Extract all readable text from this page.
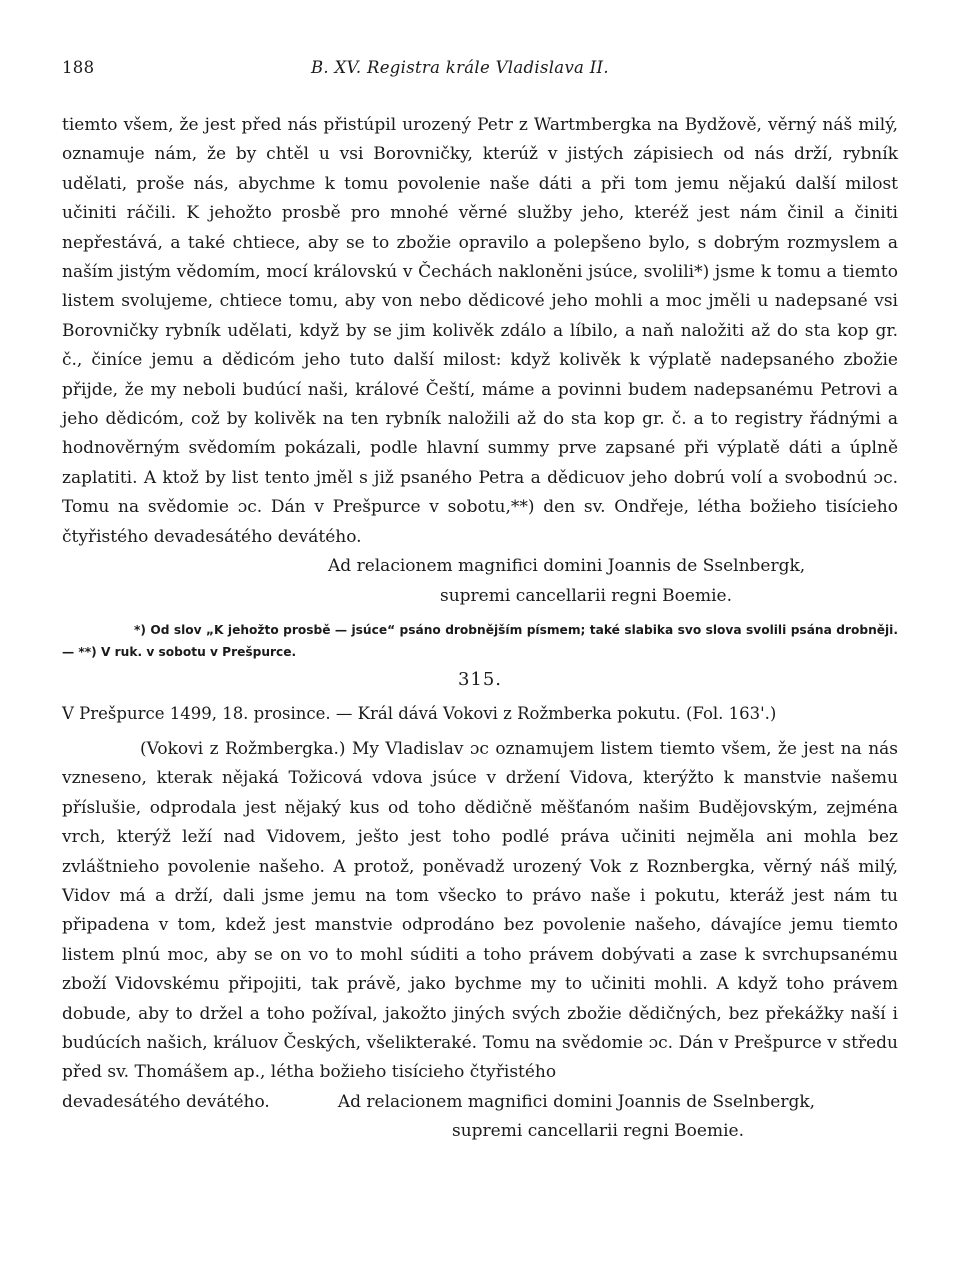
188	B. XV. Registra krále Vladislava II.

tiemto všem, že jest před nás přistúpil urozený Petr z Wartmbergka na Bydžově, věrný náš milý, oznamuje nám, že by chtěl u vsi Borovničky, kterúž v jistých zápisiech od nás drží, rybník udělati, proše nás, abychme k tomu povolenie naše dáti a při tom jemu nějakú další milost učiniti ráčili. K jehožto prosbě pro mnohé věrné služby jeho, kteréž jest nám činil a činiti nepřestává, a také chtiece, aby se to zbožie opravilo a polepšeno bylo, s dobrým rozmyslem a naším jistým vědomím, mocí královskú v Čechách nakloněni jsúce, svolili*) jsme k tomu a tiemto listem svolujeme, chtiece tomu, aby von nebo dědicové jeho mohli a moc jměli u nadepsané vsi Borovničky rybník udělati, když by se jim kolivěk zdálo a líbilo, a naň naložiti až do sta kop gr. č., činíce jemu a dědicóm jeho tuto další milost: když kolivěk k výplatě nadepsaného zbožie přijde, že my neboli budúcí naši, králové Čeští, máme a povinni budem nadepsanému Petrovi a jeho dědicóm, což by kolivěk na ten rybník naložili až do sta kop gr. č. a to registry řádnými a hodnověrným svědomím pokázali, podle hlavní summy prve zapsané při výplatě dáti a úplně zaplatiti. A ktož by list tento jměl s již psaného Petra a dědicuov jeho dobrú volí a svobodnú ɔc. Tomu na svědomie ɔc. Dán v Prešpurce v sobotu,**) den sv. Ondřeje, létha božieho tisícieho čtyřistého devadesátého devátého.

Ad relacionem magnifici domini Joannis de Sselnbergk,
supremi cancellarii regni Boemie.

*) Od slov „K jehožto prosbě — jsúce“ psáno drobnějším písmem; také slabika svo slova svolili psána drobněji. — **) V ruk. v sobotu v Prešpurce.

315.

V Prešpurce 1499, 18. prosince. — Král dává Vokovi z Rožmberka pokutu. (Fol. 163'.)

(Vokovi z Rožmbergka.) My Vladislav ɔc oznamujem listem tiemto všem, že jest na nás vzneseno, kterak nějaká Tožicová vdova jsúce v držení Vidova, kterýžto k manstvie našemu příslušie, odprodala jest nějaký kus od toho dědičně měšťanóm našim Budějovským, zejména vrch, kterýž leží nad Vidovem, ješto jest toho podlé práva učiniti nejměla ani mohla bez zvláštnieho povolenie našeho. A protož, poněvadž urozený Vok z Roznbergka, věrný náš milý, Vidov má a drží, dali jsme jemu na tom všecko to právo naše i pokutu, kteráž jest nám tu připadena v tom, kdež jest manstvie odprodáno bez povolenie našeho, dávajíce jemu tiemto listem plnú moc, aby se on vo to mohl súditi a toho právem dobývati a zase k svrchupsanému zboží Vidovskému připojiti, tak právě, jako bychme my to učiniti mohli. A když toho právem dobude, aby to držel a toho požíval, jakožto jiných svých zbožie dědičných, bez překážky naší i budúcích našich, králuov Českých, všelikteraké. Tomu na svědomie ɔc. Dán v Prešpurce v středu před sv. Thomášem ap., létha božieho tisícieho čtyřistého

devadesátého devátého.	Ad relacionem magnifici domini Joannis de Sselnbergk,
supremi cancellarii regni Boemie.
